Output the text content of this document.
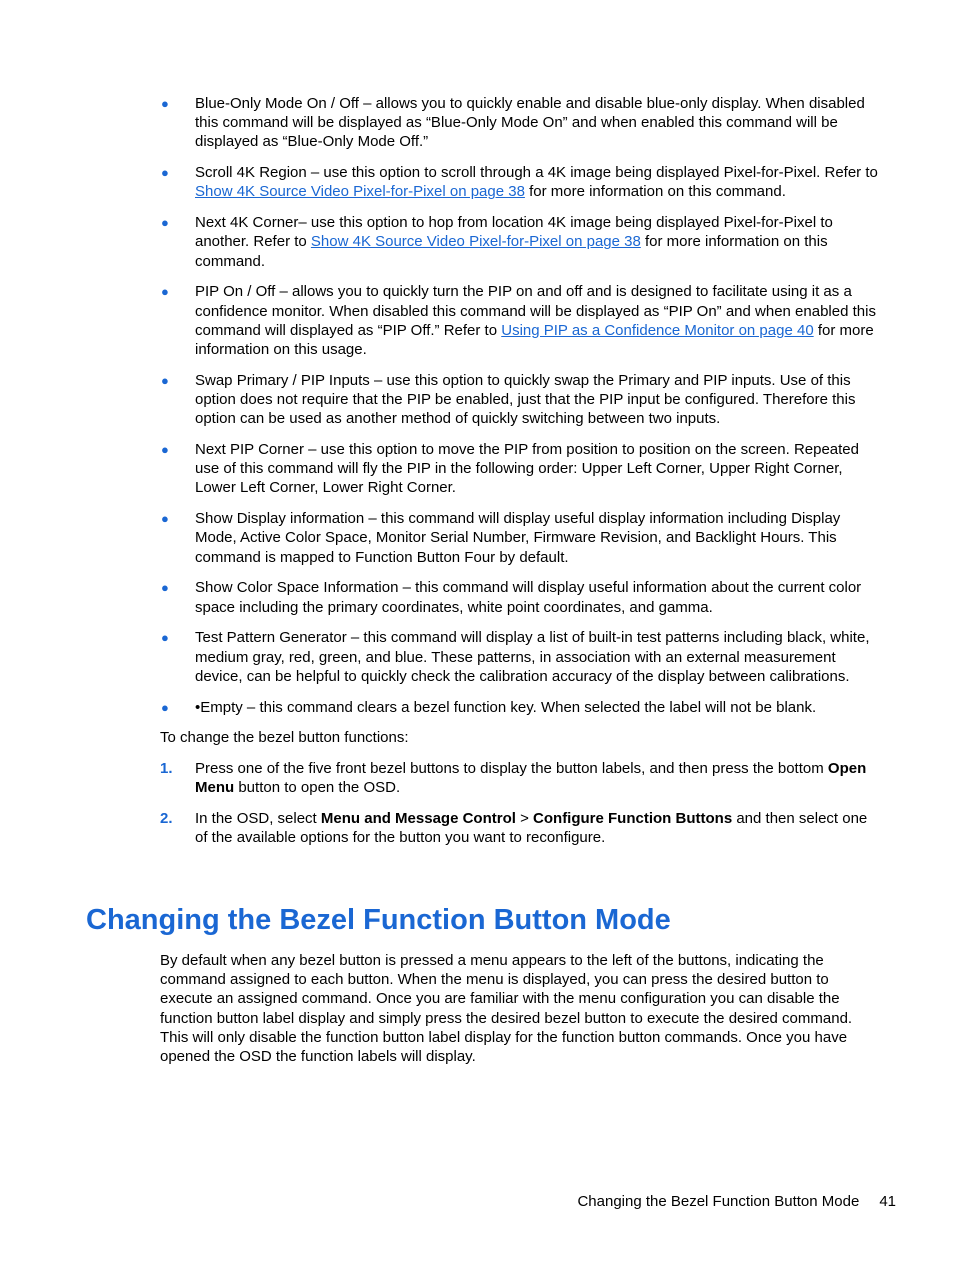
● Blue-Only Mode On / Off – allows you to quickly enable and disable blue-only display. When disabled this command will be displayed as “Blue-Only Mode On” and when enabled this command will be displayed as “Blue-Only Mode Off.”
● Scroll 4K Region – use this option to scroll through a 4K image being displayed Pixel-for-Pixel. Refer to Show 4K Source Video Pixel-for-Pixel on page 38 for more information on this command.
● Next 4K Corner– use this option to hop from location 4K image being displayed Pixel-for-Pixel to another. Refer to Show 4K Source Video Pixel-for-Pixel on page 38 for more information on this command.
● PIP On / Off – allows you to quickly turn the PIP on and off and is designed to facilitate using it as a confidence monitor. When disabled this command will be displayed as “PIP On” and when enabled this command will displayed as “PIP Off.” Refer to Using PIP as a Confidence Monitor on page 40 for more information on this usage.
● Swap Primary / PIP Inputs – use this option to quickly swap the Primary and PIP inputs. Use of this option does not require that the PIP be enabled, just that the PIP input be configured. Therefore this option can be used as another method of quickly switching between two inputs.
● Next PIP Corner – use this option to move the PIP from position to position on the screen. Repeated use of this command will fly the PIP in the following order: Upper Left Corner, Upper Right Corner, Lower Left Corner, Lower Right Corner.
● Show Display information – this command will display useful display information including Display Mode, Active Color Space, Monitor Serial Number, Firmware Revision, and Backlight Hours. This command is mapped to Function Button Four by default.
● Show Color Space Information – this command will display useful information about the current color space including the primary coordinates, white point coordinates, and gamma.
● Test Pattern Generator – this command will display a list of built-in test patterns including black, white, medium gray, red, green, and blue. These patterns, in association with an external measurement device, can be helpful to quickly check the calibration accuracy of the display between calibrations.
● •Empty – this command clears a bezel function key. When selected the label will not be blank.

To change the bezel button functions:

1. Press one of the five front bezel buttons to display the button labels, and then press the bottom Open Menu button to open the OSD.
2. In the OSD, select Menu and Message Control > Configure Function Buttons and then select one of the available options for the button you want to reconfigure.
Changing the Bezel Function Button Mode

By default when any bezel button is pressed a menu appears to the left of the buttons, indicating the command assigned to each button. When the menu is displayed, you can press the desired button to execute an assigned command. Once you are familiar with the menu configuration you can disable the function button label display and simply press the desired bezel button to execute the desired command. This will only disable the function button label display for the function button commands. Once you have opened the OSD the function labels will display.

Changing the Bezel Function Button Mode 41
